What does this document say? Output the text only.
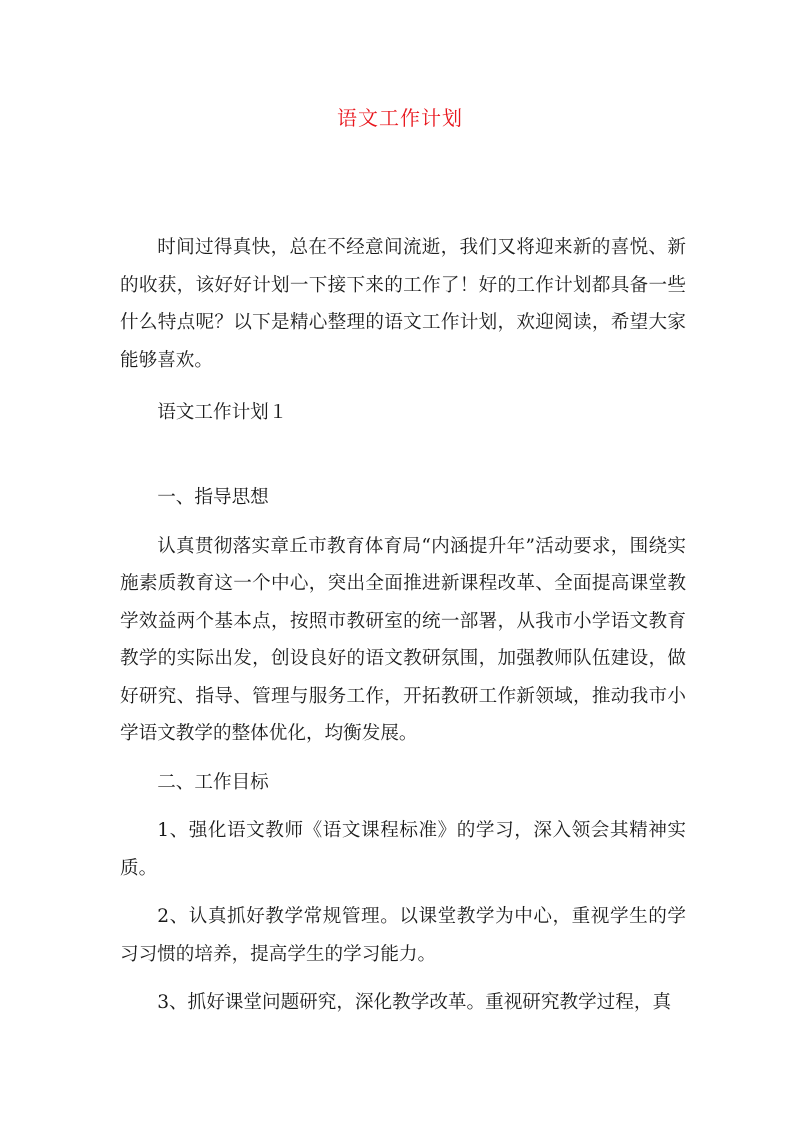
语文工作计划

时间过得真快，总在不经意间流逝，我们又将迎来新的喜悦、新的收获，该好好计划一下接下来的工作了！好的工作计划都具备一些什么特点呢？以下是精心整理的语文工作计划，欢迎阅读，希望大家能够喜欢。

语文工作计划１

一、指导思想

认真贯彻落实章丘市教育体育局“内涵提升年”活动要求，围绕实施素质教育这一个中心，突出全面推进新课程改革、全面提高课堂教学效益两个基本点，按照市教研室的统一部署，从我市小学语文教育教学的实际出发，创设良好的语文教研氛围，加强教师队伍建设，做好研究、指导、管理与服务工作，开拓教研工作新领域，推动我市小学语文教学的整体优化，均衡发展。

二、工作目标

1、强化语文教师《语文课程标准》的学习，深入领会其精神实质。

2、认真抓好教学常规管理。以课堂教学为中心，重视学生的学习习惯的培养，提高学生的学习能力。

3、抓好课堂问题研究，深化教学改革。重视研究教学过程，真
